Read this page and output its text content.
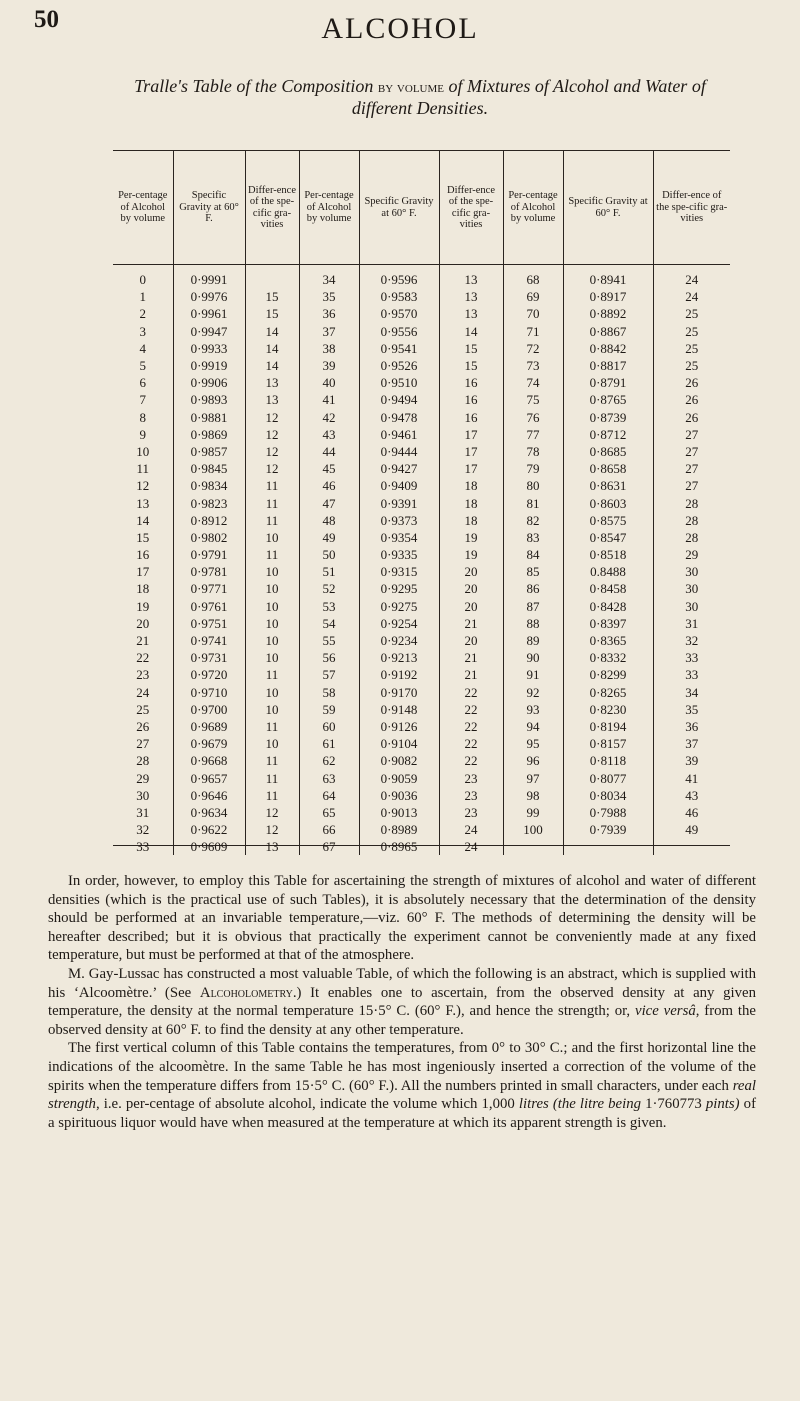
50	ALCOHOL
Tralle's Table of the Composition by volume of Mixtures of Alcohol and Water of different Densities.
Per-centage of Alcohol by volume	Specific Gravity at 60° F.	Differ-ence of the spe-cific gra-vities	Per-centage of Alcohol by volume	Specific Gravity at 60° F.	Differ-ence of the spe-cific gra-vities	Per-centage of Alcohol by volume	Specific Gravity at 60° F.	Differ-ence of the spe-cific gra-vities
0	0·9991		34	0·9596	13	68	0·8941	24
1	0·9976	15	35	0·9583	13	69	0·8917	24
2	0·9961	15	36	0·9570	13	70	0·8892	25
3	0·9947	14	37	0·9556	14	71	0·8867	25
4	0·9933	14	38	0·9541	15	72	0·8842	25
5	0·9919	14	39	0·9526	15	73	0·8817	25
6	0·9906	13	40	0·9510	16	74	0·8791	26
7	0·9893	13	41	0·9494	16	75	0·8765	26
8	0·9881	12	42	0·9478	16	76	0·8739	26
9	0·9869	12	43	0·9461	17	77	0·8712	27
10	0·9857	12	44	0·9444	17	78	0·8685	27
11	0·9845	12	45	0·9427	17	79	0·8658	27
12	0·9834	11	46	0·9409	18	80	0·8631	27
13	0·9823	11	47	0·9391	18	81	0·8603	28
14	0·8912	11	48	0·9373	18	82	0·8575	28
15	0·9802	10	49	0·9354	19	83	0·8547	28
16	0·9791	11	50	0·9335	19	84	0·8518	29
17	0·9781	10	51	0·9315	20	85	0.8488	30
18	0·9771	10	52	0·9295	20	86	0·8458	30
19	0·9761	10	53	0·9275	20	87	0·8428	30
20	0·9751	10	54	0·9254	21	88	0·8397	31
21	0·9741	10	55	0·9234	20	89	0·8365	32
22	0·9731	10	56	0·9213	21	90	0·8332	33
23	0·9720	11	57	0·9192	21	91	0·8299	33
24	0·9710	10	58	0·9170	22	92	0·8265	34
25	0·9700	10	59	0·9148	22	93	0·8230	35
26	0·9689	11	60	0·9126	22	94	0·8194	36
27	0·9679	10	61	0·9104	22	95	0·8157	37
28	0·9668	11	62	0·9082	22	96	0·8118	39
29	0·9657	11	63	0·9059	23	97	0·8077	41
30	0·9646	11	64	0·9036	23	98	0·8034	43
31	0·9634	12	65	0·9013	23	99	0·7988	46
32	0·9622	12	66	0·8989	24	100	0·7939	49
33	0·9609	13	67	0·8965	24			

In order, however, to employ this Table for ascertaining the strength of mixtures of alcohol and water of different densities (which is the practical use of such Tables), it is absolutely necessary that the determination of the density should be performed at an invariable temperature,—viz. 60° F. The methods of determining the density will be hereafter described; but it is obvious that practically the experiment cannot be conveniently made at any fixed temperature, but must be performed at that of the atmosphere.

M. Gay-Lussac has constructed a most valuable Table, of which the following is an abstract, which is supplied with his ‘Alcoomètre.’ (See Alcoholometry.) It enables one to ascertain, from the observed density at any given temperature, the density at the normal temperature 15·5° C. (60° F.), and hence the strength; or, vice versâ, from the observed density at 60° F. to find the density at any other temperature.

The first vertical column of this Table contains the temperatures, from 0° to 30° C.; and the first horizontal line the indications of the alcoomètre. In the same Table he has most ingeniously inserted a correction of the volume of the spirits when the temperature differs from 15·5° C. (60° F.). All the numbers printed in small characters, under each real strength, i.e. per-centage of absolute alcohol, indicate the volume which 1,000 litres (the litre being 1·760773 pints) of a spirituous liquor would have when measured at the temperature at which its apparent strength is given.
